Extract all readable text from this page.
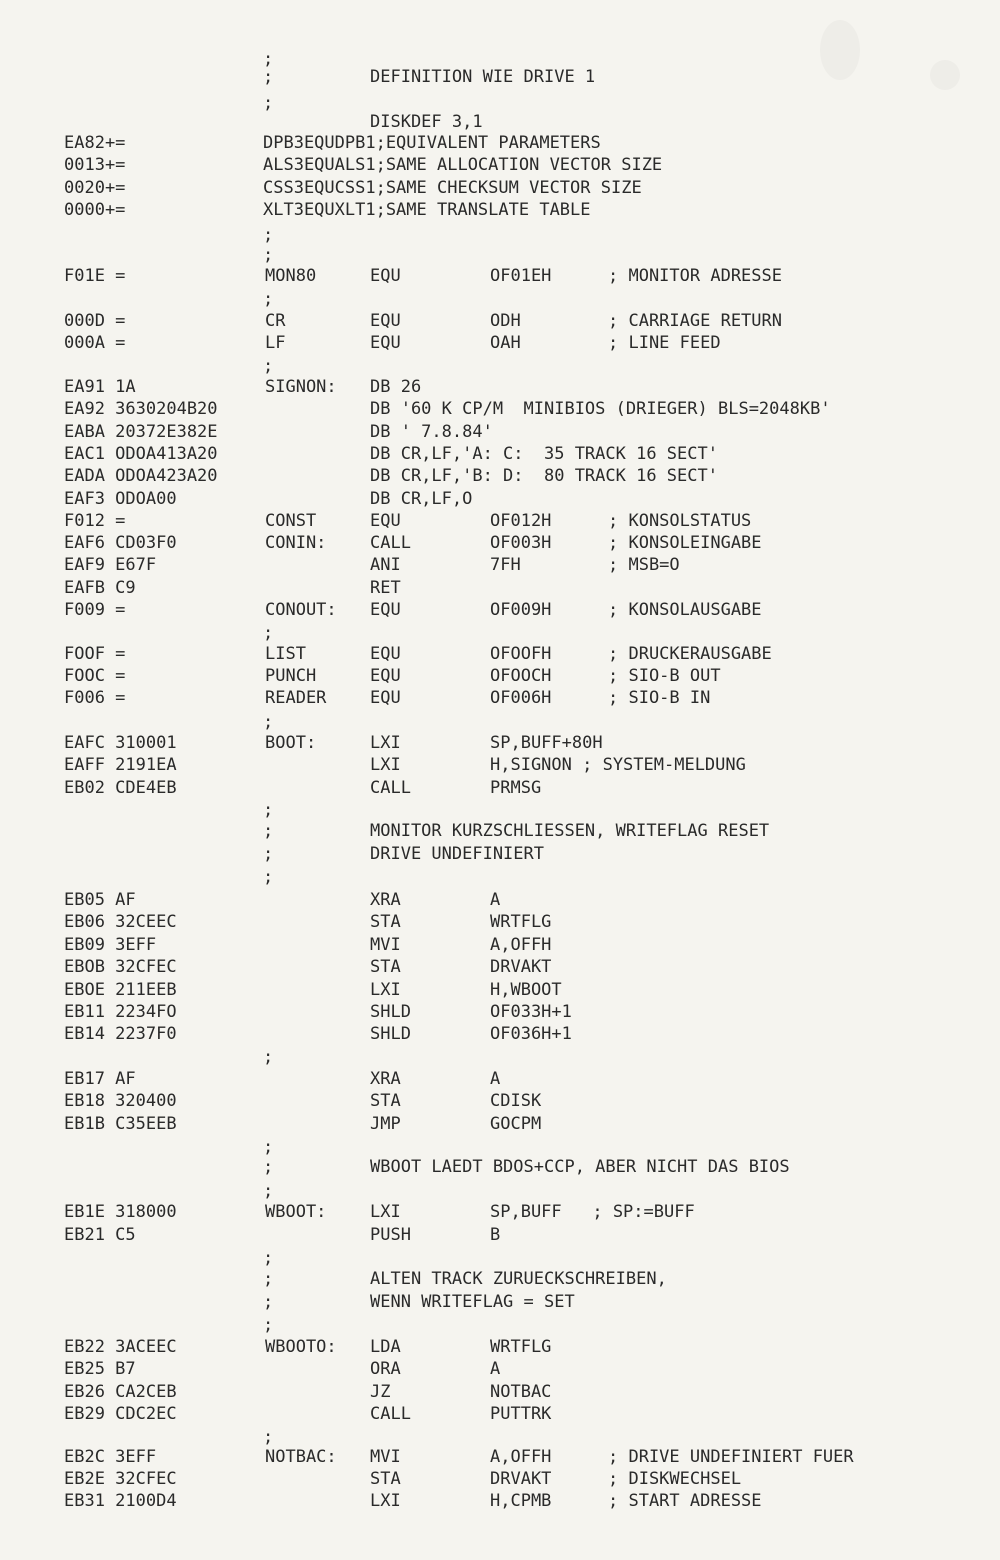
;
;	DEFINITION WIE DRIVE 1
;
DISKDEF 3,1
EA82+=	DPB3EQUDPB1;EQUIVALENT PARAMETERS
0013+=	ALS3EQUALS1;SAME ALLOCATION VECTOR SIZE
0020+=	CSS3EQUCSS1;SAME CHECKSUM VECTOR SIZE
0000+=	XLT3EQUXLT1;SAME TRANSLATE TABLE
;
;
F01E =	MON80	EQU	OF01EH	; MONITOR ADRESSE
;
000D =	CR	EQU	ODH	; CARRIAGE RETURN
000A =	LF	EQU	OAH	; LINE FEED
;
EA91 1A	SIGNON: DB 26
EA92 3630204B20	DB '60 K CP/M  MINIBIOS (DRIEGER) BLS=2048KB'
EABA 20372E382E	DB ' 7.8.84'
EAC1 ODOA413A20	DB CR,LF,'A: C:  35 TRACK 16 SECT'
EADA ODOA423A20	DB CR,LF,'B: D:  80 TRACK 16 SECT'
EAF3 ODOA00	DB CR,LF,O
F012 =	CONST	EQU	OF012H	; KONSOLSTATUS
EAF6 CD03F0	CONIN:	CALL	OF003H	; KONSOLEINGABE
EAF9 E67F	ANI	7FH	; MSB=O
EAFB C9	RET
F009 =	CONOUT: EQU	OF009H	; KONSOLAUSGABE
;
FOOF =	LIST	EQU	OFOOFH	; DRUCKERAUSGABE
FOOC =	PUNCH	EQU	OFOOCH	; SIO-B OUT
F006 =	READER	EQU	OF006H	; SIO-B IN
;
EAFC 310001	BOOT:	LXI	SP,BUFF+80H
EAFF 2191EA	LXI	H,SIGNON ; SYSTEM-MELDUNG
EB02 CDE4EB	CALL	PRMSG
;
;	MONITOR KURZSCHLIESSEN, WRITEFLAG RESET
;	DRIVE UNDEFINIERT
;
EB05 AF	XRA	A
EB06 32CEEC	STA	WRTFLG
EB09 3EFF	MVI	A,OFFH
EBOB 32CFEC	STA	DRVAKT
EBOE 211EEB	LXI	H,WBOOT
EB11 2234FO	SHLD	OF033H+1
EB14 2237F0	SHLD	OF036H+1
;
EB17 AF	XRA	A
EB18 320400	STA	CDISK
EB1B C35EEB	JMP	GOCPM
;
;	WBOOT LAEDT BDOS+CCP, ABER NICHT DAS BIOS
;
EB1E 318000	WBOOT:	LXI	SP,BUFF   ; SP:=BUFF
EB21 C5	PUSH	B
;
;	ALTEN TRACK ZURUECKSCHREIBEN,
;	WENN WRITEFLAG = SET
;
EB22 3ACEEC	WBOOTO: LDA	WRTFLG
EB25 B7	ORA	A
EB26 CA2CEB	JZ	NOTBAC
EB29 CDC2EC	CALL	PUTTRK
;
EB2C 3EFF	NOTBAC: MVI	A,OFFH	; DRIVE UNDEFINIERT FUER
EB2E 32CFEC	STA	DRVAKT	; DISKWECHSEL
EB31 2100D4	LXI	H,CPMB	; START ADRESSE
